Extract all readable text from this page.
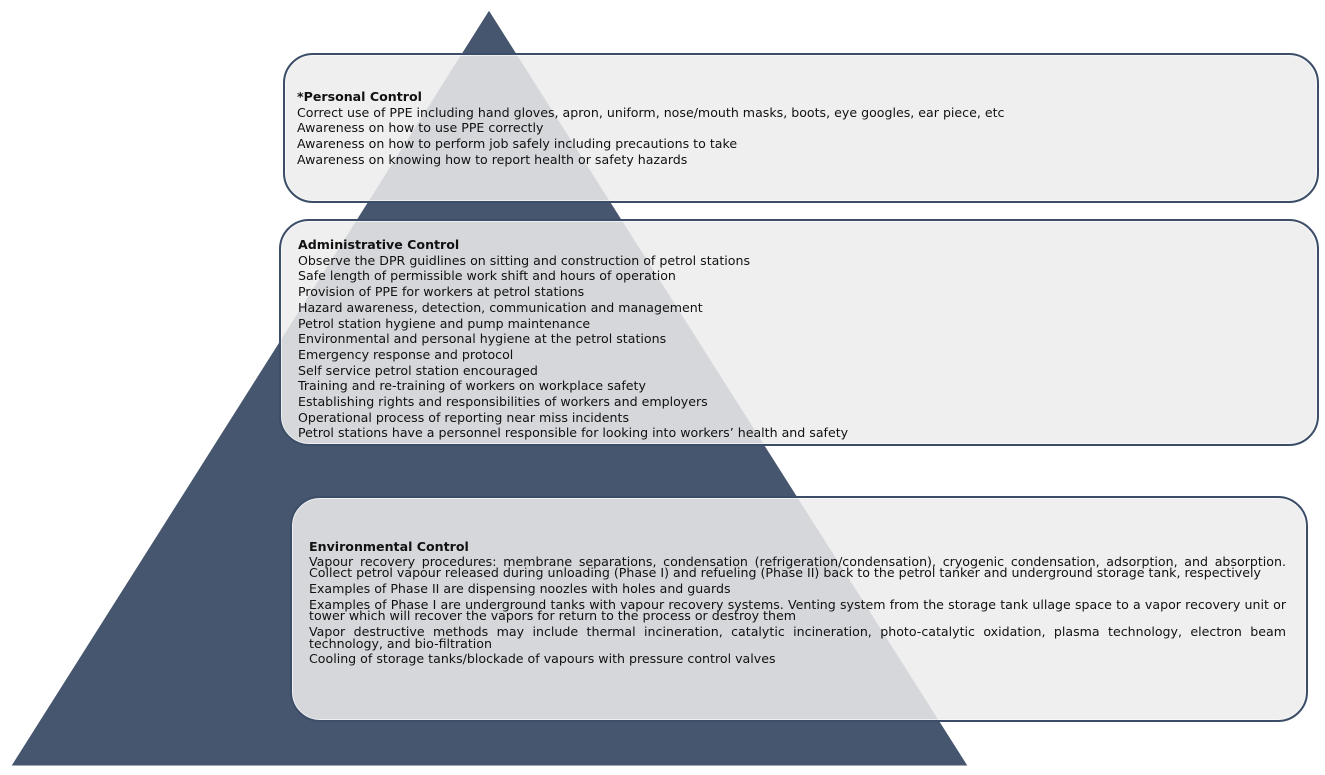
*Personal Control
Correct use of PPE including hand gloves, apron, uniform, nose/mouth masks, boots, eye googles, ear piece, etc
Awareness on how to use PPE correctly
Awareness on how to perform job safely including precautions to take
Awareness on knowing how to report health or safety hazards
Administrative Control
Observe the DPR guidlines on sitting and construction of petrol stations
Safe length of permissible work shift and hours of operation
Provision of PPE for workers at petrol stations
Hazard awareness, detection, communication and management
Petrol station hygiene and pump maintenance
Environmental and personal hygiene at the petrol stations
Emergency response and protocol
Self service petrol station encouraged
Training and re-training of workers on workplace safety
Establishing rights and responsibilities of workers and employers
Operational process of reporting near miss incidents
Petrol stations have a personnel responsible for looking into workers’ health and safety
Environmental Control
Vapour recovery procedures: membrane separations, condensation (refrigeration/condensation), cryogenic condensation, adsorption, and absorption. Collect petrol vapour released during unloading (Phase I) and refueling (Phase II) back to the petrol tanker and underground storage tank, respectively
Examples of Phase II are dispensing noozles with holes and guards
Examples of Phase I are underground tanks with vapour recovery systems. Venting system from the storage tank ullage space to a vapor recovery unit or tower which will recover the vapors for return to the process or destroy them
Vapor destructive methods may include thermal incineration, catalytic incineration, photo-catalytic oxidation, plasma technology, electron beam technology, and bio-filtration
Cooling of storage tanks/blockade of vapours with pressure control valves
